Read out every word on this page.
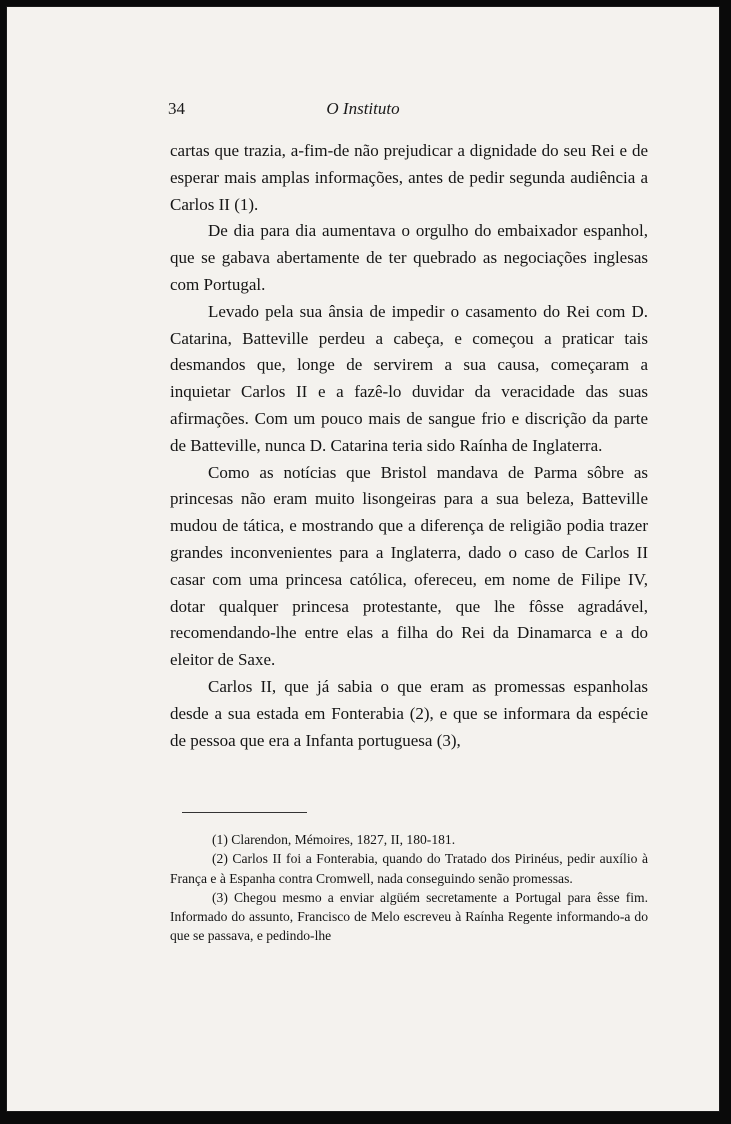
34	O Instituto

cartas que trazia, a-fim-de não prejudicar a dignidade do seu Rei e de esperar mais amplas informações, antes de pedir segunda audiência a Carlos II (1).

De dia para dia aumentava o orgulho do embaixador espanhol, que se gabava abertamente de ter quebrado as negociações inglesas com Portugal.

Levado pela sua ânsia de impedir o casamento do Rei com D. Catarina, Batteville perdeu a cabeça, e começou a praticar tais desmandos que, longe de servirem a sua causa, começaram a inquietar Carlos II e a fazê-lo duvidar da veracidade das suas afirmações. Com um pouco mais de sangue frio e discrição da parte de Batteville, nunca D. Catarina teria sido Raínha de Inglaterra.

Como as notícias que Bristol mandava de Parma sôbre as princesas não eram muito lisongeiras para a sua beleza, Batteville mudou de tática, e mostrando que a diferença de religião podia trazer grandes inconvenientes para a Inglaterra, dado o caso de Carlos II casar com uma princesa católica, ofereceu, em nome de Filipe IV, dotar qualquer princesa protestante, que lhe fôsse agradável, recomendando-lhe entre elas a filha do Rei da Dinamarca e a do eleitor de Saxe.

Carlos II, que já sabia o que eram as promessas espanholas desde a sua estada em Fonterabia (2), e que se informara da espécie de pessoa que era a Infanta portuguesa (3),

(1) Clarendon, Mémoires, 1827, II, 180-181.

(2) Carlos II foi a Fonterabia, quando do Tratado dos Pirinéus, pedir auxílio à França e à Espanha contra Cromwell, nada conseguindo senão promessas.

(3) Chegou mesmo a enviar algüém secretamente a Portugal para êsse fim. Informado do assunto, Francisco de Melo escreveu à Raínha Regente informando-a do que se passava, e pedindo-lhe
